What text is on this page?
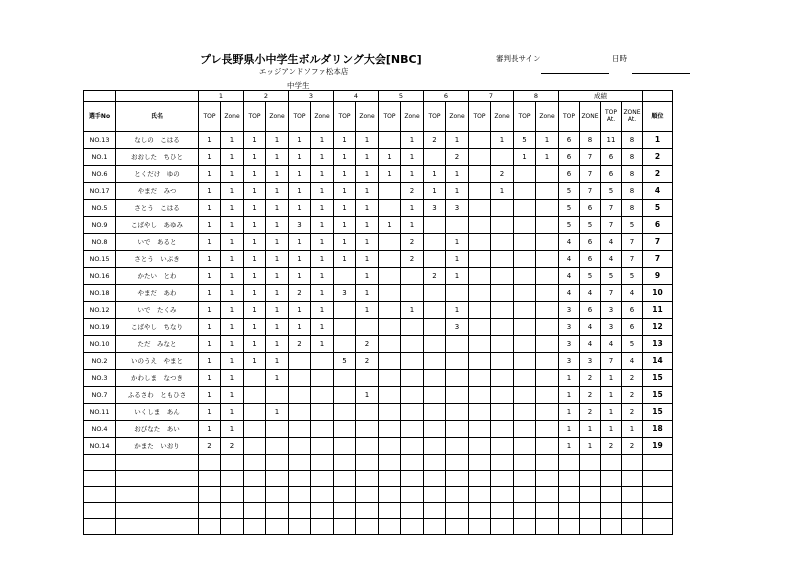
プレ長野県小中学生ボルダリング大会[NBC]
エッジアンドソファ松本店
中学生
審判長サイン	日時
		1		2		3		4		5		6		7		8		成績				
選手No	氏名	TOP	Zone	TOP	Zone	TOP	Zone	TOP	Zone	TOP	Zone	TOP	Zone	TOP	Zone	TOP	Zone	TOP	ZONE	TOP At.	ZONE At.	順位
NO.13	なしの　こはる	1	1	1	1	1	1	1	1		1	2	1		1	5	1	6	8	11	8	1
NO.1	おおした　ちひと	1	1	1	1	1	1	1	1	1	1		2			1	1	6	7	6	8	2
NO.6	とくだけ　ゆの	1	1	1	1	1	1	1	1	1	1	1	1		2			6	7	6	8	2
NO.17	やまだ　みつ	1	1	1	1	1	1	1	1		2	1	1		1			5	7	5	8	4
NO.5	さとう　こはる	1	1	1	1	1	1	1	1		1	3	3					5	6	7	8	5
NO.9	こばやし　あゆみ	1	1	1	1	3	1	1	1	1	1							5	5	7	5	6
NO.8	いで　あると	1	1	1	1	1	1	1	1		2		1					4	6	4	7	7
NO.15	さとう　いぶき	1	1	1	1	1	1	1	1		2		1					4	6	4	7	7
NO.16	かたい　とわ	1	1	1	1	1	1		1			2	1					4	5	5	5	9
NO.18	やまだ　あわ	1	1	1	1	2	1	3	1									4	4	7	4	10
NO.12	いで　たくみ	1	1	1	1	1	1		1		1		1					3	6	3	6	11
NO.19	こばやし　ちなり	1	1	1	1	1	1						3					3	4	3	6	12
NO.10	ただ　みなと	1	1	1	1	2	1		2									3	4	4	5	13
NO.2	いのうえ　やまと	1	1	1	1			5	2									3	3	7	4	14
NO.3	かわしま　なつき	1	1		1													1	2	1	2	15
NO.7	ふるさわ　ともひさ	1	1						1									1	2	1	2	15
NO.11	いくしま　あん	1	1		1													1	2	1	2	15
NO.4	おびなた　あい	1	1															1	1	1	1	18
NO.14	かまた　いおり	2	2															1	1	2	2	19
